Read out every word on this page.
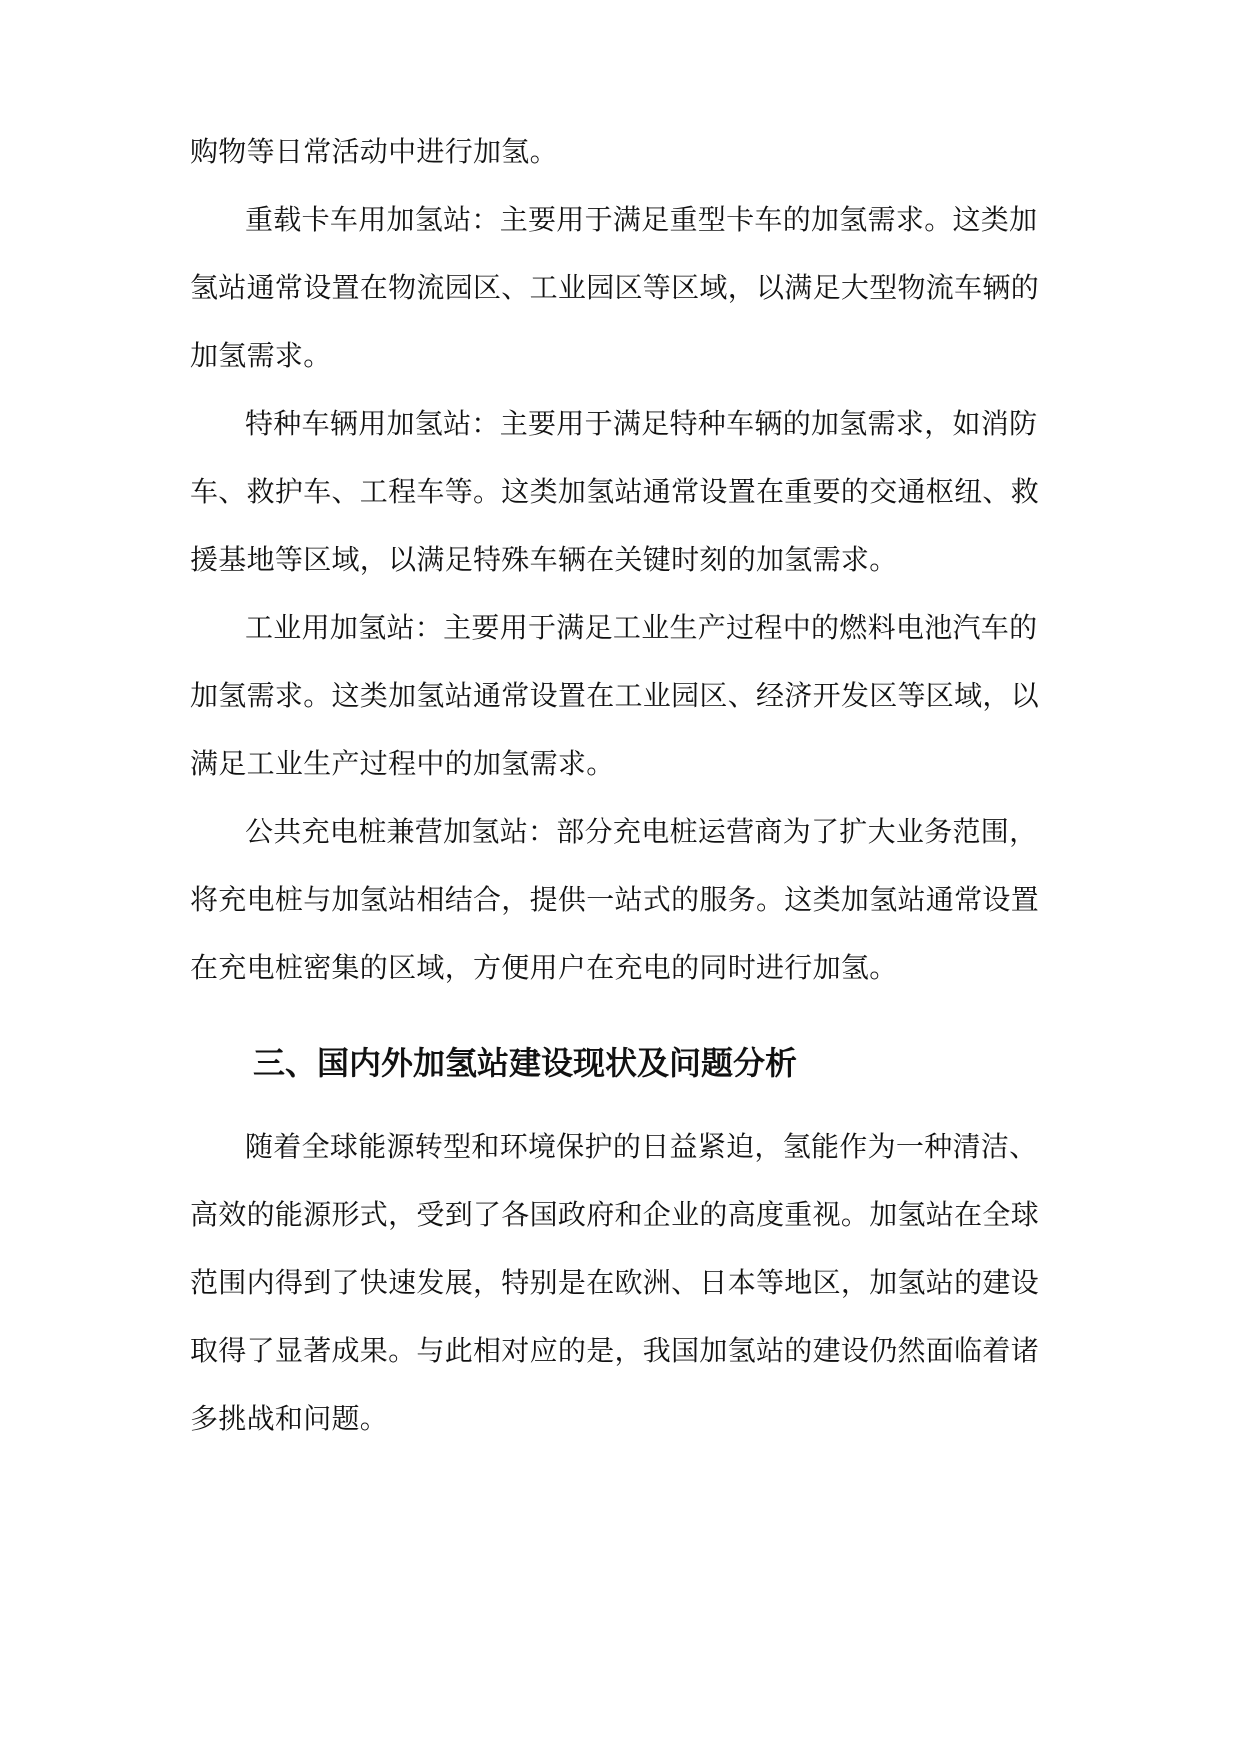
购物等日常活动中进行加氢。
重载卡车用加氢站：主要用于满足重型卡车的加氢需求。这类加
氢站通常设置在物流园区、工业园区等区域，以满足大型物流车辆的
加氢需求。
特种车辆用加氢站：主要用于满足特种车辆的加氢需求，如消防
车、救护车、工程车等。这类加氢站通常设置在重要的交通枢纽、救
援基地等区域，以满足特殊车辆在关键时刻的加氢需求。
工业用加氢站：主要用于满足工业生产过程中的燃料电池汽车的
加氢需求。这类加氢站通常设置在工业园区、经济开发区等区域，以
满足工业生产过程中的加氢需求。
公共充电桩兼营加氢站：部分充电桩运营商为了扩大业务范围，
将充电桩与加氢站相结合，提供一站式的服务。这类加氢站通常设置
在充电桩密集的区域，方便用户在充电的同时进行加氢。
三、国内外加氢站建设现状及问题分析
随着全球能源转型和环境保护的日益紧迫，氢能作为一种清洁、
高效的能源形式，受到了各国政府和企业的高度重视。加氢站在全球
范围内得到了快速发展，特别是在欧洲、日本等地区，加氢站的建设
取得了显著成果。与此相对应的是，我国加氢站的建设仍然面临着诸
多挑战和问题。
